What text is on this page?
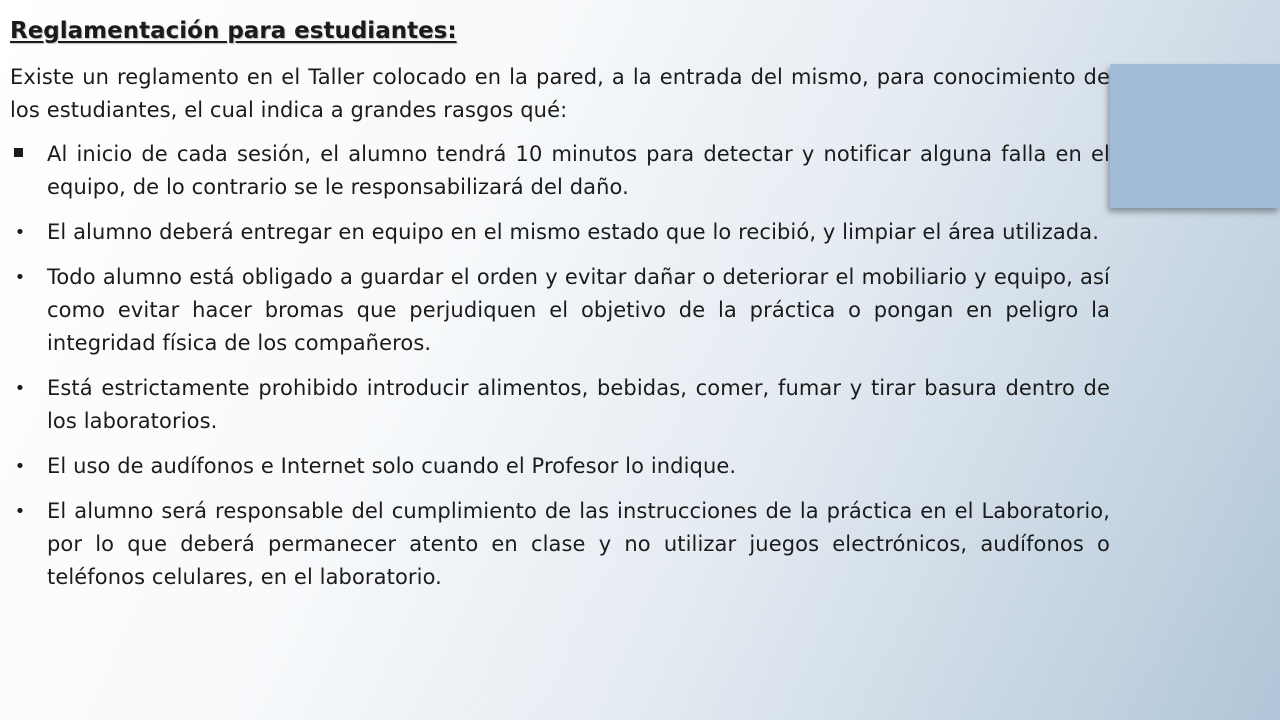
Reglamentación para estudiantes:

Existe un reglamento en el Taller colocado en la pared, a la entrada del mismo, para conocimiento de los estudiantes, el cual indica a grandes rasgos qué:

Al inicio de cada sesión, el alumno tendrá 10 minutos para detectar y notificar alguna falla en el equipo, de lo contrario se le responsabilizará del daño.
• El alumno deberá entregar en equipo en el mismo estado que lo recibió, y limpiar el área utilizada.
• Todo alumno está obligado a guardar el orden y evitar dañar o deteriorar el mobiliario y equipo, así como evitar hacer bromas que perjudiquen el objetivo de la práctica o pongan en peligro la integridad física de los compañeros.
• Está estrictamente prohibido introducir alimentos, bebidas, comer, fumar y tirar basura dentro de los laboratorios.
• El uso de audífonos e Internet solo cuando el Profesor lo indique.
• El alumno será responsable del cumplimiento de las instrucciones de la práctica en el Laboratorio, por lo que deberá permanecer atento en clase y no utilizar juegos electrónicos, audífonos o teléfonos celulares, en el laboratorio.
